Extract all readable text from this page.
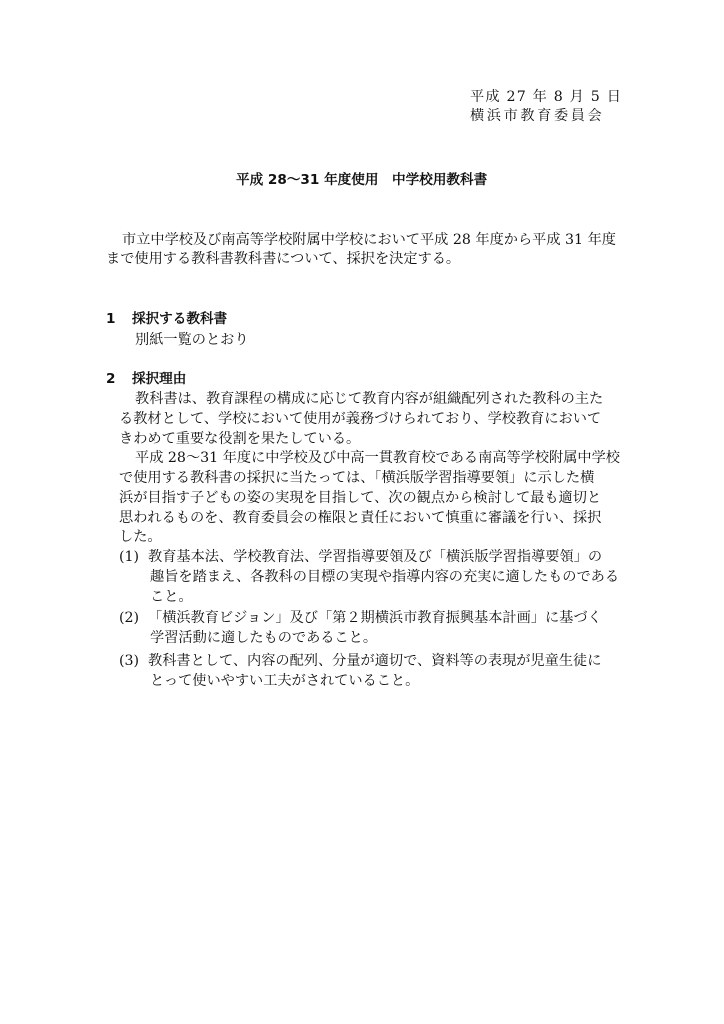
平成 27 年 8 月 5 日
横浜市教育委員会
平成 28～31 年度使用　中学校用教科書
市立中学校及び南高等学校附属中学校において平成 28 年度から平成 31 年度
まで使用する教科書教科書について、採択を決定する。
1 採択する教科書
別紙一覧のとおり
2 採択理由
教科書は、教育課程の構成に応じて教育内容が組織配列された教科の主た
る教材として、学校において使用が義務づけられており、学校教育において
きわめて重要な役割を果たしている。
平成 28～31 年度に中学校及び中高一貫教育校である南高等学校附属中学校
で使用する教科書の採択に当たっては、「横浜版学習指導要領」に示した横
浜が目指す子どもの姿の実現を目指して、次の観点から検討して最も適切と
思われるものを、教育委員会の権限と責任において慎重に審議を行い、採択
した。
(1) 教育基本法、学校教育法、学習指導要領及び「横浜版学習指導要領」の
趣旨を踏まえ、各教科の目標の実現や指導内容の充実に適したものである
こと。
(2) 「横浜教育ビジョン」及び「第２期横浜市教育振興基本計画」に基づく
学習活動に適したものであること。
(3) 教科書として、内容の配列、分量が適切で、資料等の表現が児童生徒に
とって使いやすい工夫がされていること。
